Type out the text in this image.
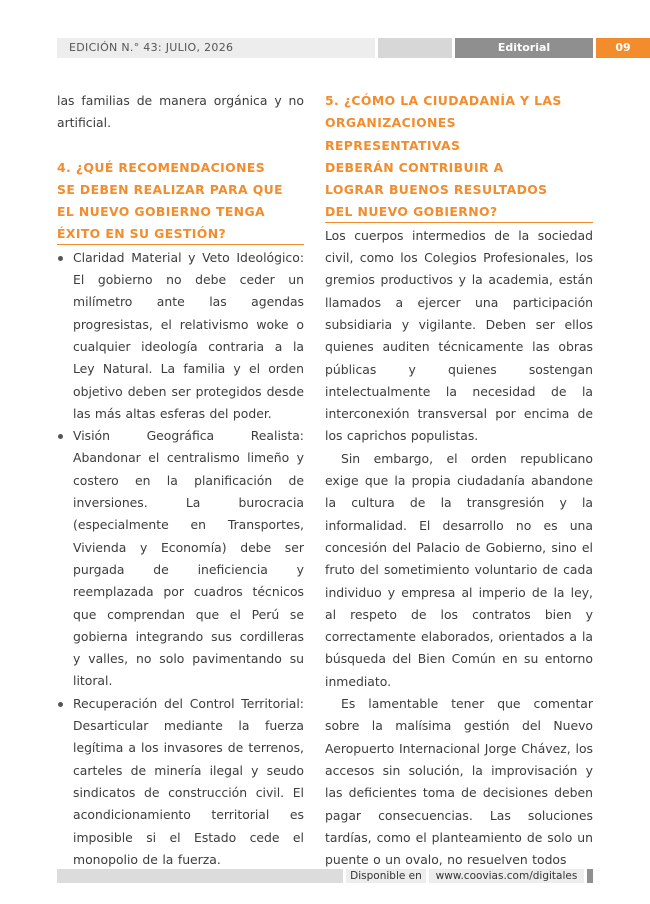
EDICIÓN N.° 43: JULIO, 2026	Editorial	09

las familias de manera orgánica y no artificial.

4. ¿QUÉ RECOMENDACIONES

SE DEBEN REALIZAR PARA QUE

EL NUEVO GOBIERNO TENGA

ÉXITO EN SU GESTIÓN?

Claridad Material y Veto Ideológico: El gobierno no debe ceder un milímetro ante las agendas progresistas, el relativismo woke o cualquier ideología contraria a la Ley Natural. La familia y el orden objetivo deben ser protegidos desde las más altas esferas del poder.

Visión Geográfica Realista: Abandonar el centralismo limeño y costero en la planificación de inversiones. La burocracia (especialmente en Transportes, Vivienda y Economía) debe ser purgada de ineficiencia y reemplazada por cuadros técnicos que comprendan que el Perú se gobierna integrando sus cordilleras y valles, no solo pavimentando su litoral.

Recuperación del Control Territorial: Desarticular mediante la fuerza legítima a los invasores de terrenos, carteles de minería ilegal y seudo sindicatos de construcción civil. El acondicionamiento territorial es imposible si el Estado cede el monopolio de la fuerza.

5. ¿CÓMO LA CIUDADANÍA Y LAS

ORGANIZACIONES REPRESENTATIVAS

DEBERÁN CONTRIBUIR A

LOGRAR BUENOS RESULTADOS

DEL NUEVO GOBIERNO?

Los cuerpos intermedios de la sociedad civil, como los Colegios Profesionales, los gremios productivos y la academia, están llamados a ejercer una participación subsidiaria y vigilante. Deben ser ellos quienes auditen técnicamente las obras públicas y quienes sostengan intelectualmente la necesidad de la interconexión transversal por encima de los caprichos populistas.

Sin embargo, el orden republicano exige que la propia ciudadanía abandone la cultura de la transgresión y la informalidad. El desarrollo no es una concesión del Palacio de Gobierno, sino el fruto del sometimiento voluntario de cada individuo y empresa al imperio de la ley, al respeto de los contratos bien y correctamente elaborados, orientados a la búsqueda del Bien Común en su entorno inmediato.

Es lamentable tener que comentar sobre la malísima gestión del Nuevo Aeropuerto Internacional Jorge Chávez, los accesos sin solución, la improvisación y las deficientes toma de decisiones deben pagar consecuencias. Las soluciones tardías, como el planteamiento de solo un puente o un ovalo, no resuelven todos

Disponible en	www.coovias.com/digitales
